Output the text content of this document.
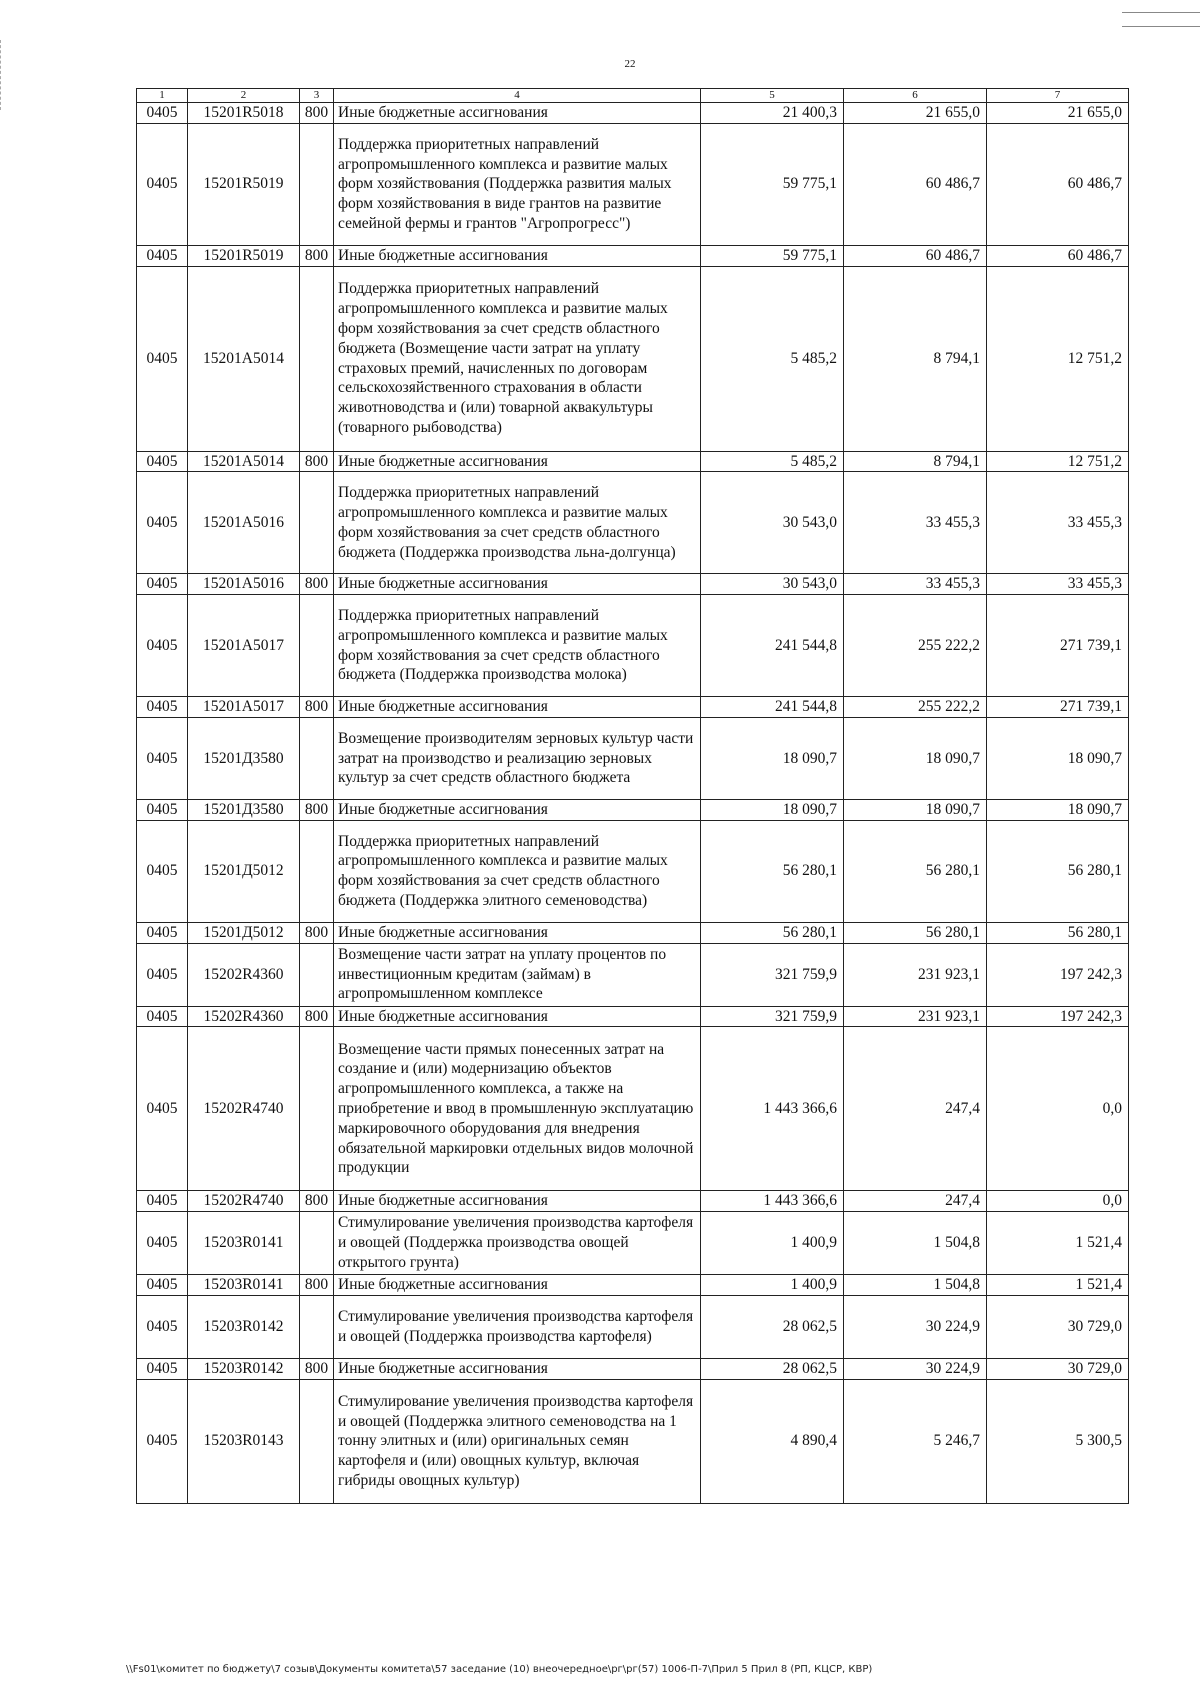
22
1	2	3	4	5	6	7
0405	15201R5018	800	Иные бюджетные ассигнования	21 400,3	21 655,0	21 655,0
0405	15201R5019		Поддержка приоритетных направлений агропромышленного комплекса и развитие малых форм хозяйствования (Поддержка развития малых форм хозяйствования в виде грантов на развитие семейной фермы и грантов "Агропрогресс")	59 775,1	60 486,7	60 486,7
0405	15201R5019	800	Иные бюджетные ассигнования	59 775,1	60 486,7	60 486,7
0405	15201А5014		Поддержка приоритетных направлений агропромышленного комплекса и развитие малых форм хозяйствования за счет средств областного бюджета (Возмещение части затрат на уплату страховых премий, начисленных по договорам сельскохозяйственного страхования в области животноводства и (или) товарной аквакультуры (товарного рыбоводства)	5 485,2	8 794,1	12 751,2
0405	15201А5014	800	Иные бюджетные ассигнования	5 485,2	8 794,1	12 751,2
0405	15201А5016		Поддержка приоритетных направлений агропромышленного комплекса и развитие малых форм хозяйствования за счет средств областного бюджета (Поддержка производства льна-долгунца)	30 543,0	33 455,3	33 455,3
0405	15201А5016	800	Иные бюджетные ассигнования	30 543,0	33 455,3	33 455,3
0405	15201А5017		Поддержка приоритетных направлений агропромышленного комплекса и развитие малых форм хозяйствования за счет средств областного бюджета (Поддержка производства молока)	241 544,8	255 222,2	271 739,1
0405	15201А5017	800	Иные бюджетные ассигнования	241 544,8	255 222,2	271 739,1
0405	15201Д3580		Возмещение производителям зерновых культур части затрат на производство и реализацию зерновых культур за счет средств областного бюджета	18 090,7	18 090,7	18 090,7
0405	15201Д3580	800	Иные бюджетные ассигнования	18 090,7	18 090,7	18 090,7
0405	15201Д5012		Поддержка приоритетных направлений агропромышленного комплекса и развитие малых форм хозяйствования за счет средств областного бюджета (Поддержка элитного семеноводства)	56 280,1	56 280,1	56 280,1
0405	15201Д5012	800	Иные бюджетные ассигнования	56 280,1	56 280,1	56 280,1
0405	15202R4360		Возмещение части затрат на уплату процентов по инвестиционным кредитам (займам) в агропромышленном комплексе	321 759,9	231 923,1	197 242,3
0405	15202R4360	800	Иные бюджетные ассигнования	321 759,9	231 923,1	197 242,3
0405	15202R4740		Возмещение части прямых понесенных затрат на создание и (или) модернизацию объектов агропромышленного комплекса, а также на приобретение и ввод в промышленную эксплуатацию маркировочного оборудования для внедрения обязательной маркировки отдельных видов молочной продукции	1 443 366,6	247,4	0,0
0405	15202R4740	800	Иные бюджетные ассигнования	1 443 366,6	247,4	0,0
0405	15203R0141		Стимулирование увеличения производства картофеля и овощей (Поддержка производства овощей открытого грунта)	1 400,9	1 504,8	1 521,4
0405	15203R0141	800	Иные бюджетные ассигнования	1 400,9	1 504,8	1 521,4
0405	15203R0142		Стимулирование увеличения производства картофеля и овощей (Поддержка производства картофеля)	28 062,5	30 224,9	30 729,0
0405	15203R0142	800	Иные бюджетные ассигнования	28 062,5	30 224,9	30 729,0
0405	15203R0143		Стимулирование увеличения производства картофеля и овощей (Поддержка элитного семеноводства на 1 тонну элитных и (или) оригинальных семян картофеля и (или) овощных культур, включая гибриды овощных культур)	4 890,4	5 246,7	5 300,5
\\Fs01\комитет по бюджету\7 созыв\Документы комитета\57 заседание (10) внеочередное\рг\рг(57) 1006-П-7\Прил 5 Прил 8 (РП, КЦСР, КВР)
